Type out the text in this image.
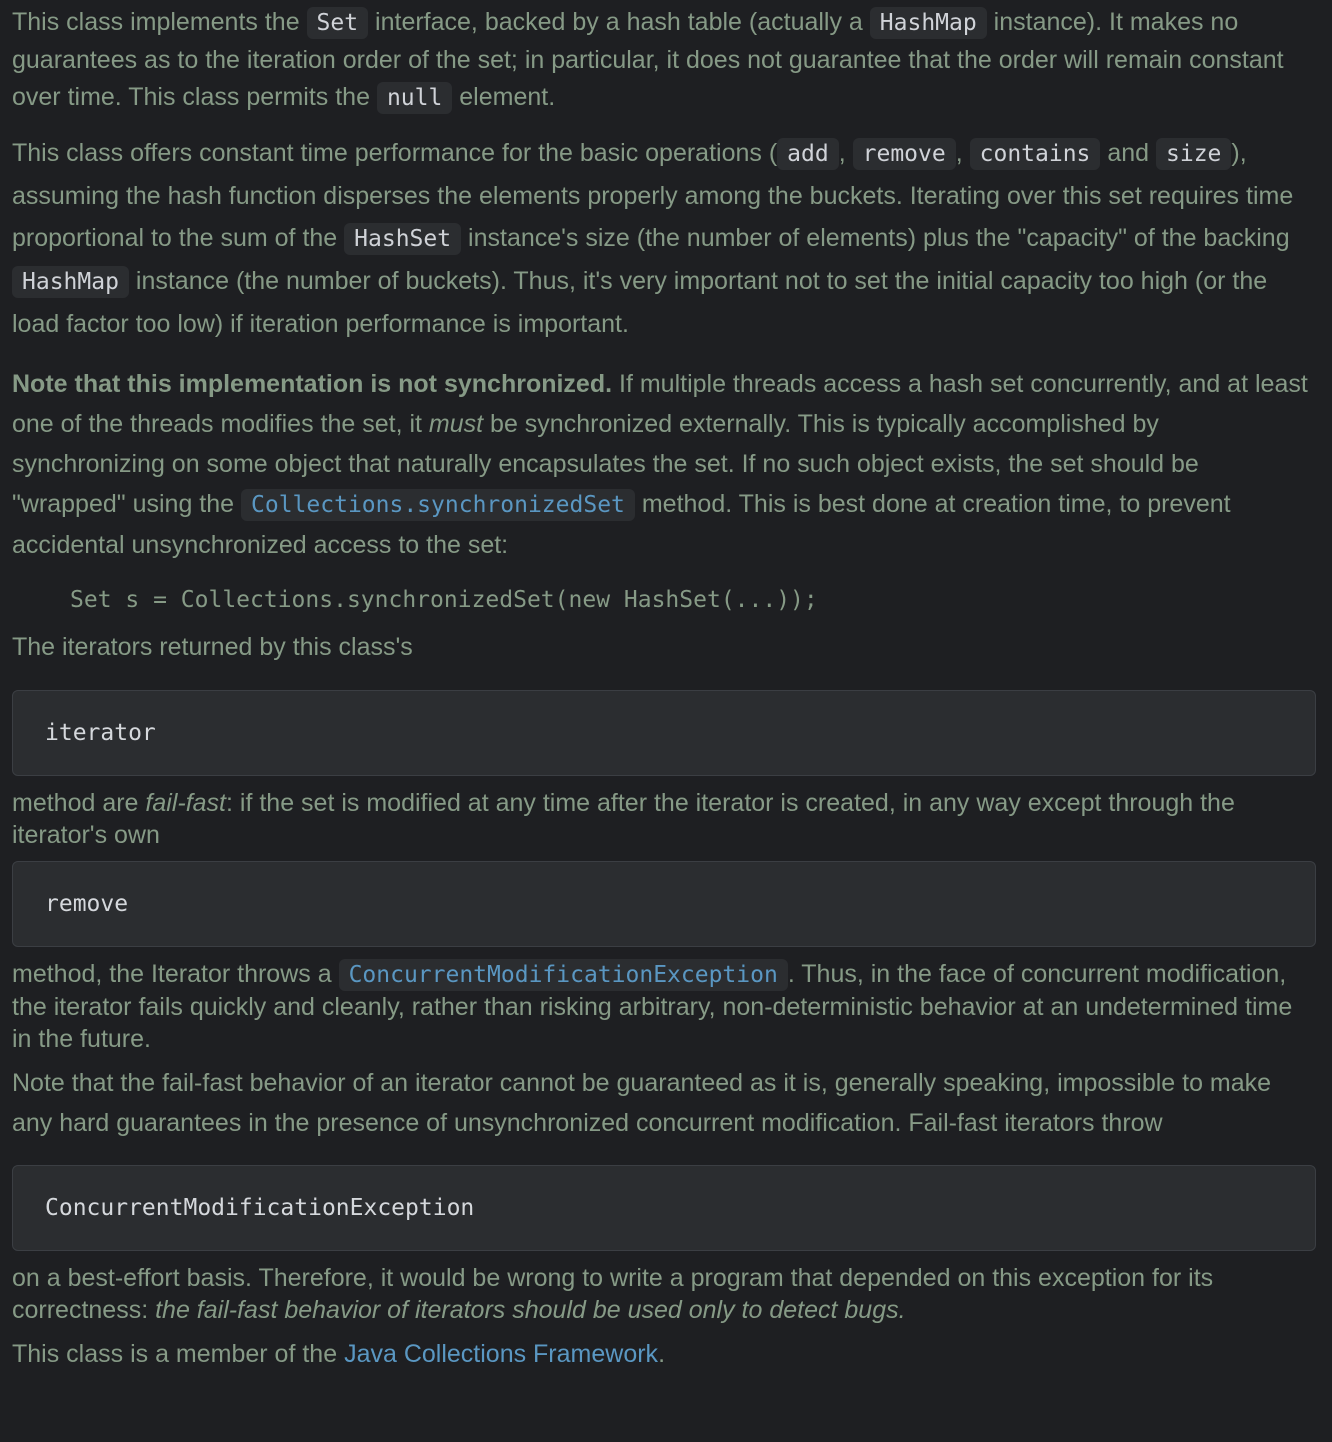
This class implements the Set interface, backed by a hash table (actually a HashMap instance). It makes no guarantees as to the iteration order of the set; in particular, it does not guarantee that the order will remain constant over time. This class permits the null element.

This class offers constant time performance for the basic operations ( add , remove , contains and size ), assuming the hash function disperses the elements properly among the buckets. Iterating over this set requires time proportional to the sum of the HashSet instance's size (the number of elements) plus the "capacity" of the backing HashMap instance (the number of buckets). Thus, it's very important not to set the initial capacity too high (or the load factor too low) if iteration performance is important.

Note that this implementation is not synchronized. If multiple threads access a hash set concurrently, and at least one of the threads modifies the set, it must be synchronized externally. This is typically accomplished by synchronizing on some object that naturally encapsulates the set. If no such object exists, the set should be "wrapped" using the Collections.synchronizedSet method. This is best done at creation time, to prevent accidental unsynchronized access to the set:

Set s = Collections.synchronizedSet(new HashSet(...));

The iterators returned by this class's

iterator

method are fail-fast: if the set is modified at any time after the iterator is created, in any way except through the iterator's own

remove

method, the Iterator throws a ConcurrentModificationException . Thus, in the face of concurrent modification, the iterator fails quickly and cleanly, rather than risking arbitrary, non-deterministic behavior at an undetermined time in the future.

Note that the fail-fast behavior of an iterator cannot be guaranteed as it is, generally speaking, impossible to make any hard guarantees in the presence of unsynchronized concurrent modification. Fail-fast iterators throw

ConcurrentModificationException

on a best-effort basis. Therefore, it would be wrong to write a program that depended on this exception for its correctness: the fail-fast behavior of iterators should be used only to detect bugs.

This class is a member of the Java Collections Framework.
